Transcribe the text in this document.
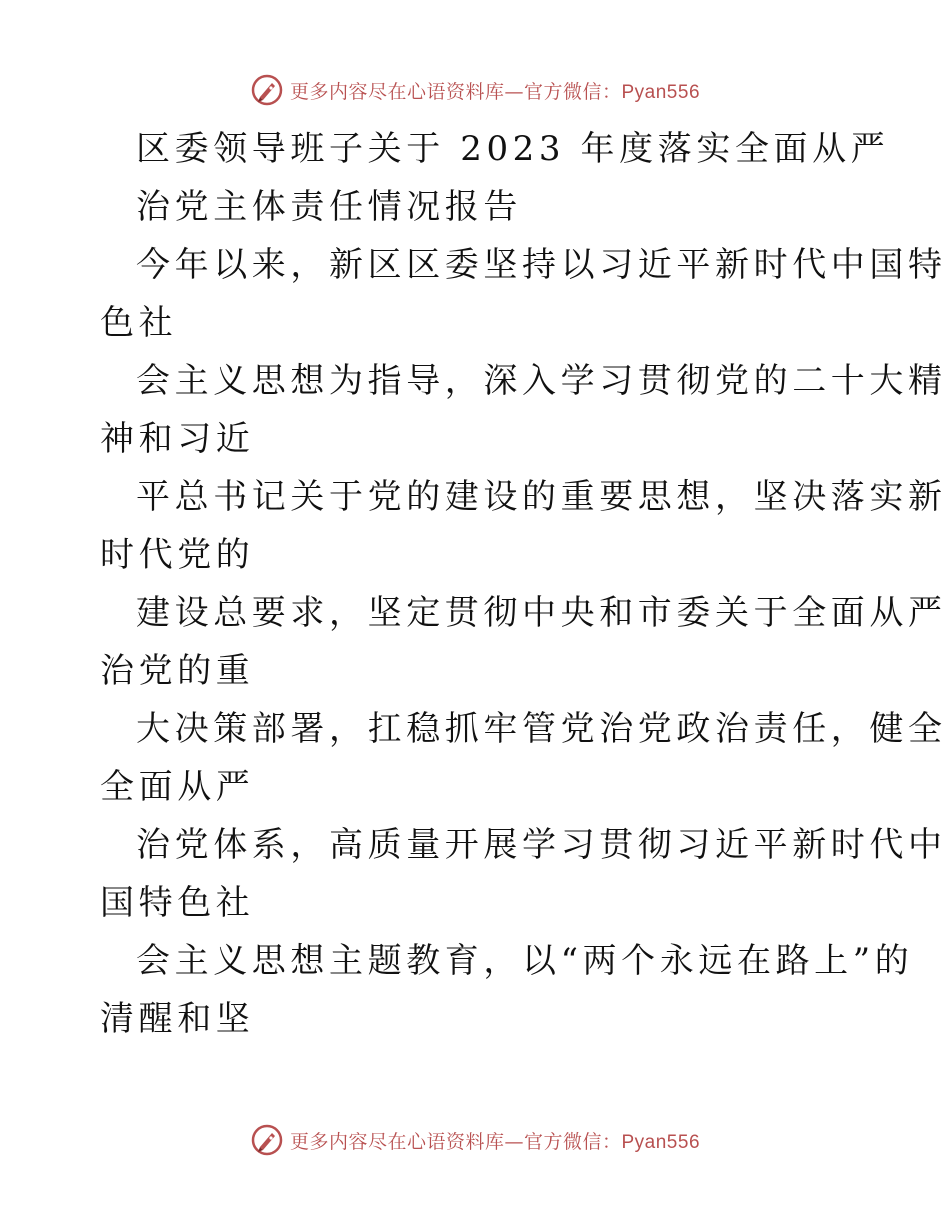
更多内容尽在心语资料库—官方微信：Pyan556
区委领导班子关于 2023 年度落实全面从严
治党主体责任情况报告
今年以来，新区区委坚持以习近平新时代中国特
色社
会主义思想为指导，深入学习贯彻党的二十大精
神和习近
平总书记关于党的建设的重要思想，坚决落实新
时代党的
建设总要求，坚定贯彻中央和市委关于全面从严
治党的重
大决策部署，扛稳抓牢管党治党政治责任，健全
全面从严
治党体系，高质量开展学习贯彻习近平新时代中
国特色社
会主义思想主题教育，以“两个永远在路上”的
清醒和坚
更多内容尽在心语资料库—官方微信：Pyan556
